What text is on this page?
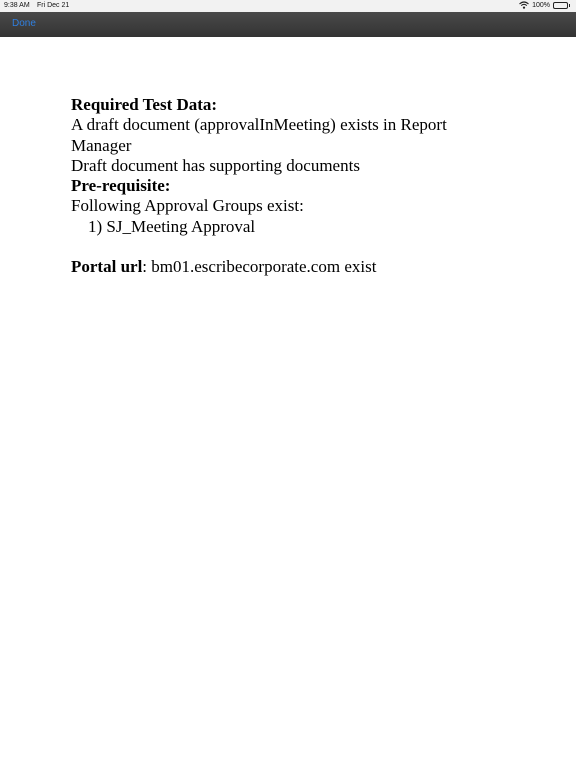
9:38 AM Fri Dec 21	100%
Done

Required Test Data:

A draft document (approvalInMeeting) exists in Report Manager

Draft document has supporting documents

Pre-requisite:

Following Approval Groups exist:

1) SJ_Meeting Approval

Portal url: bm01.escribecorporate.com exist
